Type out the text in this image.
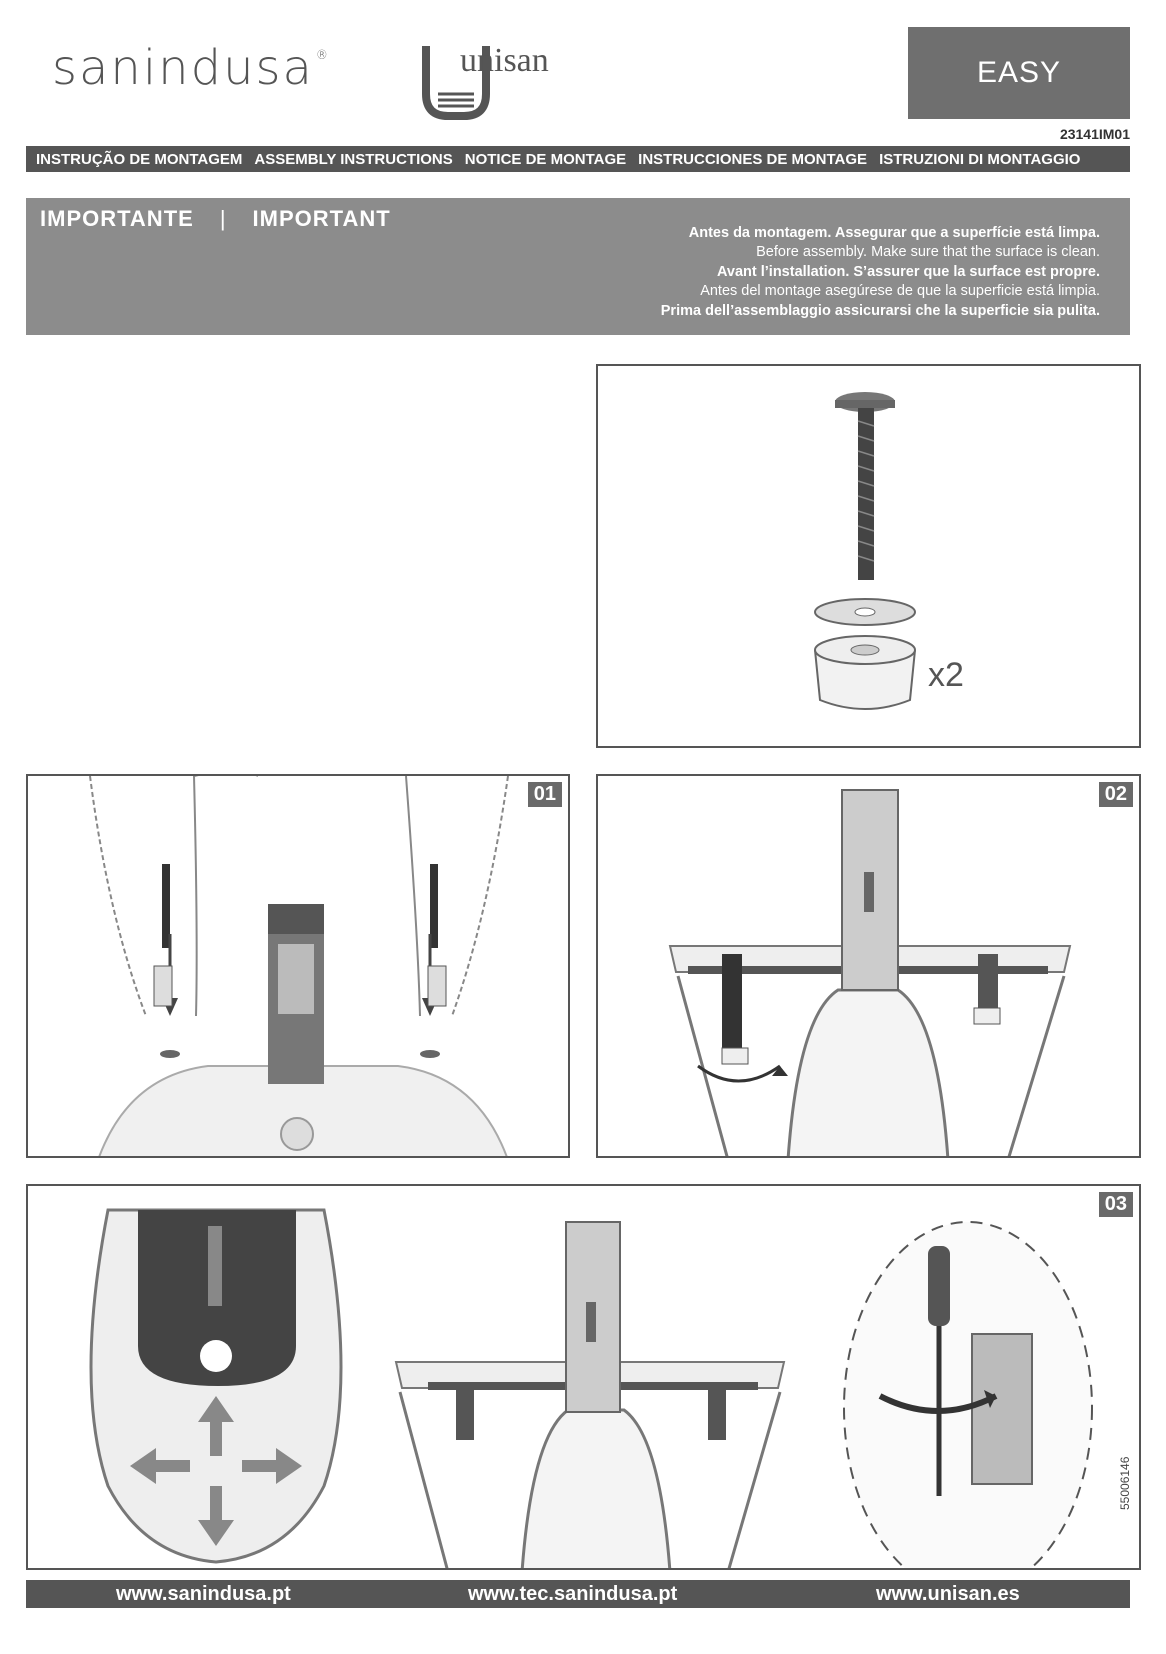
sanindusa ®	unisan	EASY
23141IM01
INSTRUÇÃO DE MONTAGEM ASSEMBLY INSTRUCTIONS NOTICE DE MONTAGE INSTRUCCIONES DE MONTAGE ISTRUZIONI DI MONTAGGIO
IMPORTANTE | IMPORTANT
Antes da montagem. Assegurar que a superfície está limpa.
Before assembly. Make sure that the surface is clean.
Avant l’installation. S’assurer que la surface est propre.
Antes del montage asegúrese de que la superficie está limpia.
Prima dell’assemblaggio assicurarsi che la superficie sia pulita.
x2
01	02
03
www.sanindusa.pt	www.tec.sanindusa.pt	www.unisan.es
55006146
